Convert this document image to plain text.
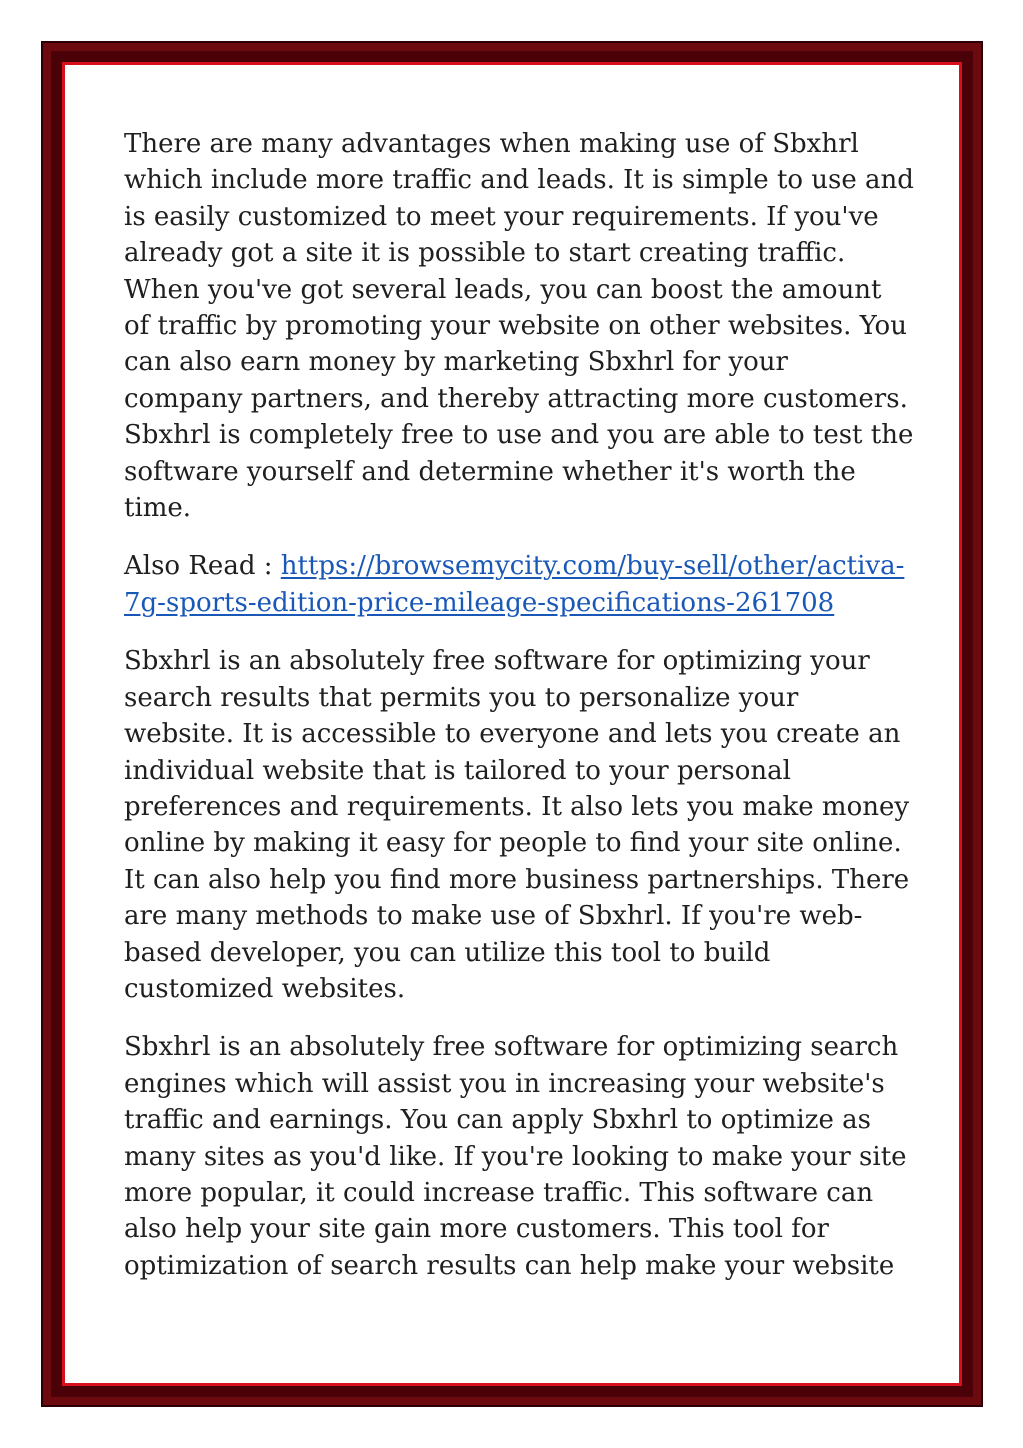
There are many advantages when making use of Sbxhrl which include more traffic and leads. It is simple to use and is easily customized to meet your requirements. If you've already got a site it is possible to start creating traffic. When you've got several leads, you can boost the amount of traffic by promoting your website on other websites. You can also earn money by marketing Sbxhrl for your company partners, and thereby attracting more customers. Sbxhrl is completely free to use and you are able to test the software yourself and determine whether it's worth the time.

Also Read : https://browsemycity.com/buy-sell/other/activa-7g-sports-edition-price-mileage-specifications-261708

Sbxhrl is an absolutely free software for optimizing your search results that permits you to personalize your website. It is accessible to everyone and lets you create an individual website that is tailored to your personal preferences and requirements. It also lets you make money online by making it easy for people to find your site online. It can also help you find more business partnerships. There are many methods to make use of Sbxhrl. If you're web-based developer, you can utilize this tool to build customized websites.

Sbxhrl is an absolutely free software for optimizing search engines which will assist you in increasing your website's traffic and earnings. You can apply Sbxhrl to optimize as many sites as you'd like. If you're looking to make your site more popular, it could increase traffic. This software can also help your site gain more customers. This tool for optimization of search results can help make your website
